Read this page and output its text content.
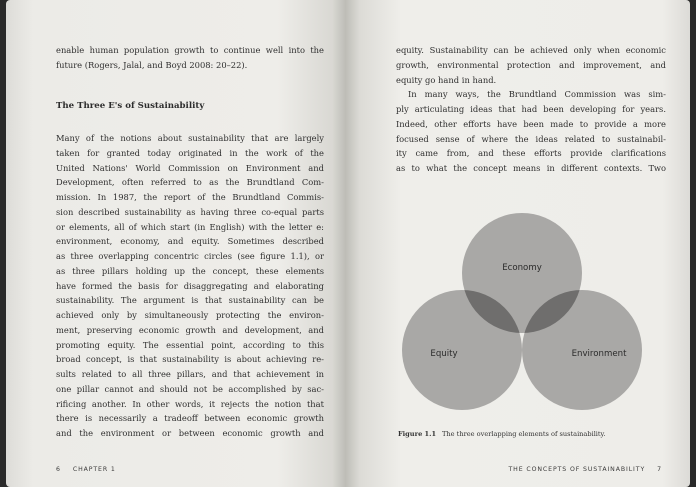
enable human population growth to continue well into the
future (Rogers, Jalal, and Boyd 2008: 20–22).
The Three E's of Sustainability
Many of the notions about sustainability that are largely
taken for granted today originated in the work of the
United Nations' World Commission on Environment and
Development, often referred to as the Brundtland Com-
mission. In 1987, the report of the Brundtland Commis-
sion described sustainability as having three co-equal parts
or elements, all of which start (in English) with the letter e:
environment, economy, and equity. Sometimes described
as three overlapping concentric circles (see figure 1.1), or
as three pillars holding up the concept, these elements
have formed the basis for disaggregating and elaborating
sustainability. The argument is that sustainability can be
achieved only by simultaneously protecting the environ-
ment, preserving economic growth and development, and
promoting equity. The essential point, according to this
broad concept, is that sustainability is about achieving re-
sults related to all three pillars, and that achievement in
one pillar cannot and should not be accomplished by sac-
rificing another. In other words, it rejects the notion that
there is necessarily a tradeoff between economic growth
and the environment or between economic growth and
6 CHAPTER 1
equity. Sustainability can be achieved only when economic
growth, environmental protection and improvement, and
equity go hand in hand.
In many ways, the Brundtland Commission was sim-
ply articulating ideas that had been developing for years.
Indeed, other efforts have been made to provide a more
focused sense of where the ideas related to sustainabil-
ity came from, and these efforts provide clarifications
as to what the concept means in different contexts. Two
Economy
Equity	Environment
Figure 1.1 The three overlapping elements of sustainability.
THE CONCEPTS OF SUSTAINABILITY 7
